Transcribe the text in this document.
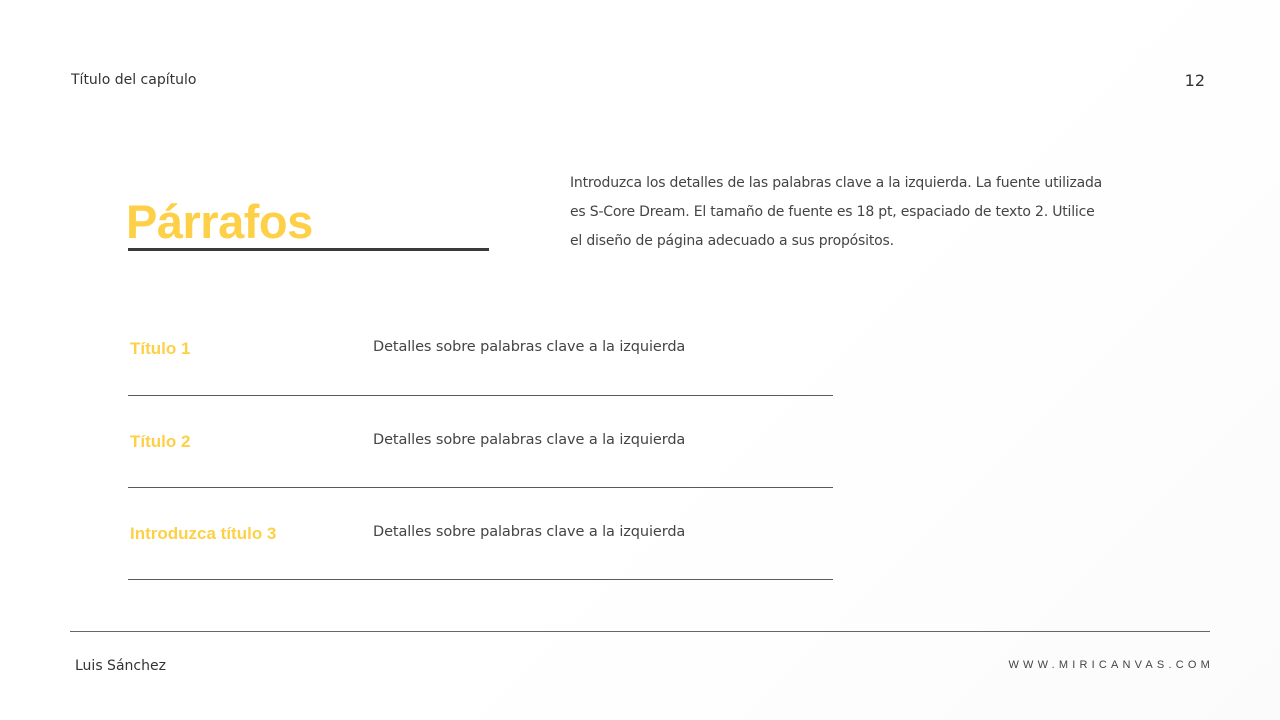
Título del capítulo	12
Párrafos
Introduzca los detalles de las palabras clave a la izquierda. La fuente utilizada es S-Core Dream. El tamaño de fuente es 18 pt, espaciado de texto 2. Utilice el diseño de página adecuado a sus propósitos.
Título 1	Detalles sobre palabras clave a la izquierda
Título 2	Detalles sobre palabras clave a la izquierda
Introduzca título 3	Detalles sobre palabras clave a la izquierda
Luis Sánchez	WWW.MIRICANVAS.COM
